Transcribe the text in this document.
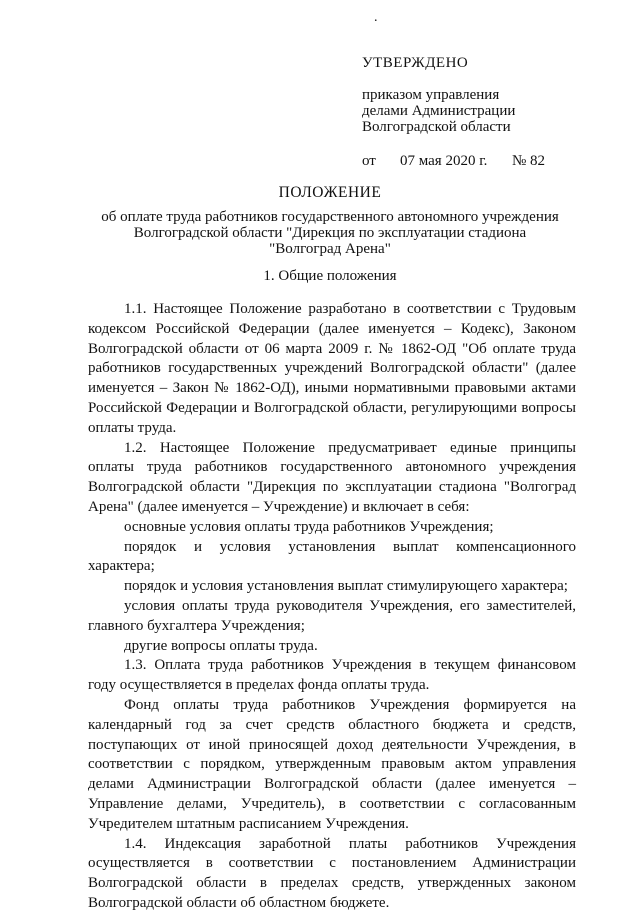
.
УТВЕРЖДЕНО
приказом управления
делами Администрации
Волгоградской области
от 07 мая 2020 г. № 82
ПОЛОЖЕНИЕ
об оплате труда работников государственного автономного учреждения
Волгоградской области "Дирекция по эксплуатации стадиона
"Волгоград Арена"
1. Общие положения

1.1. Настоящее Положение разработано в соответствии с Трудовым кодексом Российской Федерации (далее именуется – Кодекс), Законом Волгоградской области от 06 марта 2009 г. № 1862-ОД "Об оплате труда работников государственных учреждений Волгоградской области" (далее именуется – Закон № 1862-ОД), иными нормативными правовыми актами Российской Федерации и Волгоградской области, регулирующими вопросы оплаты труда.

1.2. Настоящее Положение предусматривает единые принципы оплаты труда работников государственного автономного учреждения Волгоградской области "Дирекция по эксплуатации стадиона "Волгоград Арена" (далее именуется – Учреждение) и включает в себя:

основные условия оплаты труда работников Учреждения;

порядок и условия установления выплат компенсационного характера;

порядок и условия установления выплат стимулирующего характера;

условия оплаты труда руководителя Учреждения, его заместителей, главного бухгалтера Учреждения;

другие вопросы оплаты труда.

1.3. Оплата труда работников Учреждения в текущем финансовом году осуществляется в пределах фонда оплаты труда.

Фонд оплаты труда работников Учреждения формируется на календарный год за счет средств областного бюджета и средств, поступающих от иной приносящей доход деятельности Учреждения, в соответствии с порядком, утвержденным правовым актом управления делами Администрации Волгоградской области (далее именуется – Управление делами, Учредитель), в соответствии с согласованным Учредителем штатным расписанием Учреждения.

1.4. Индексация заработной платы работников Учреждения осуществляется в соответствии с постановлением Администрации Волгоградской области в пределах средств, утвержденных законом Волгоградской области об областном бюджете.
